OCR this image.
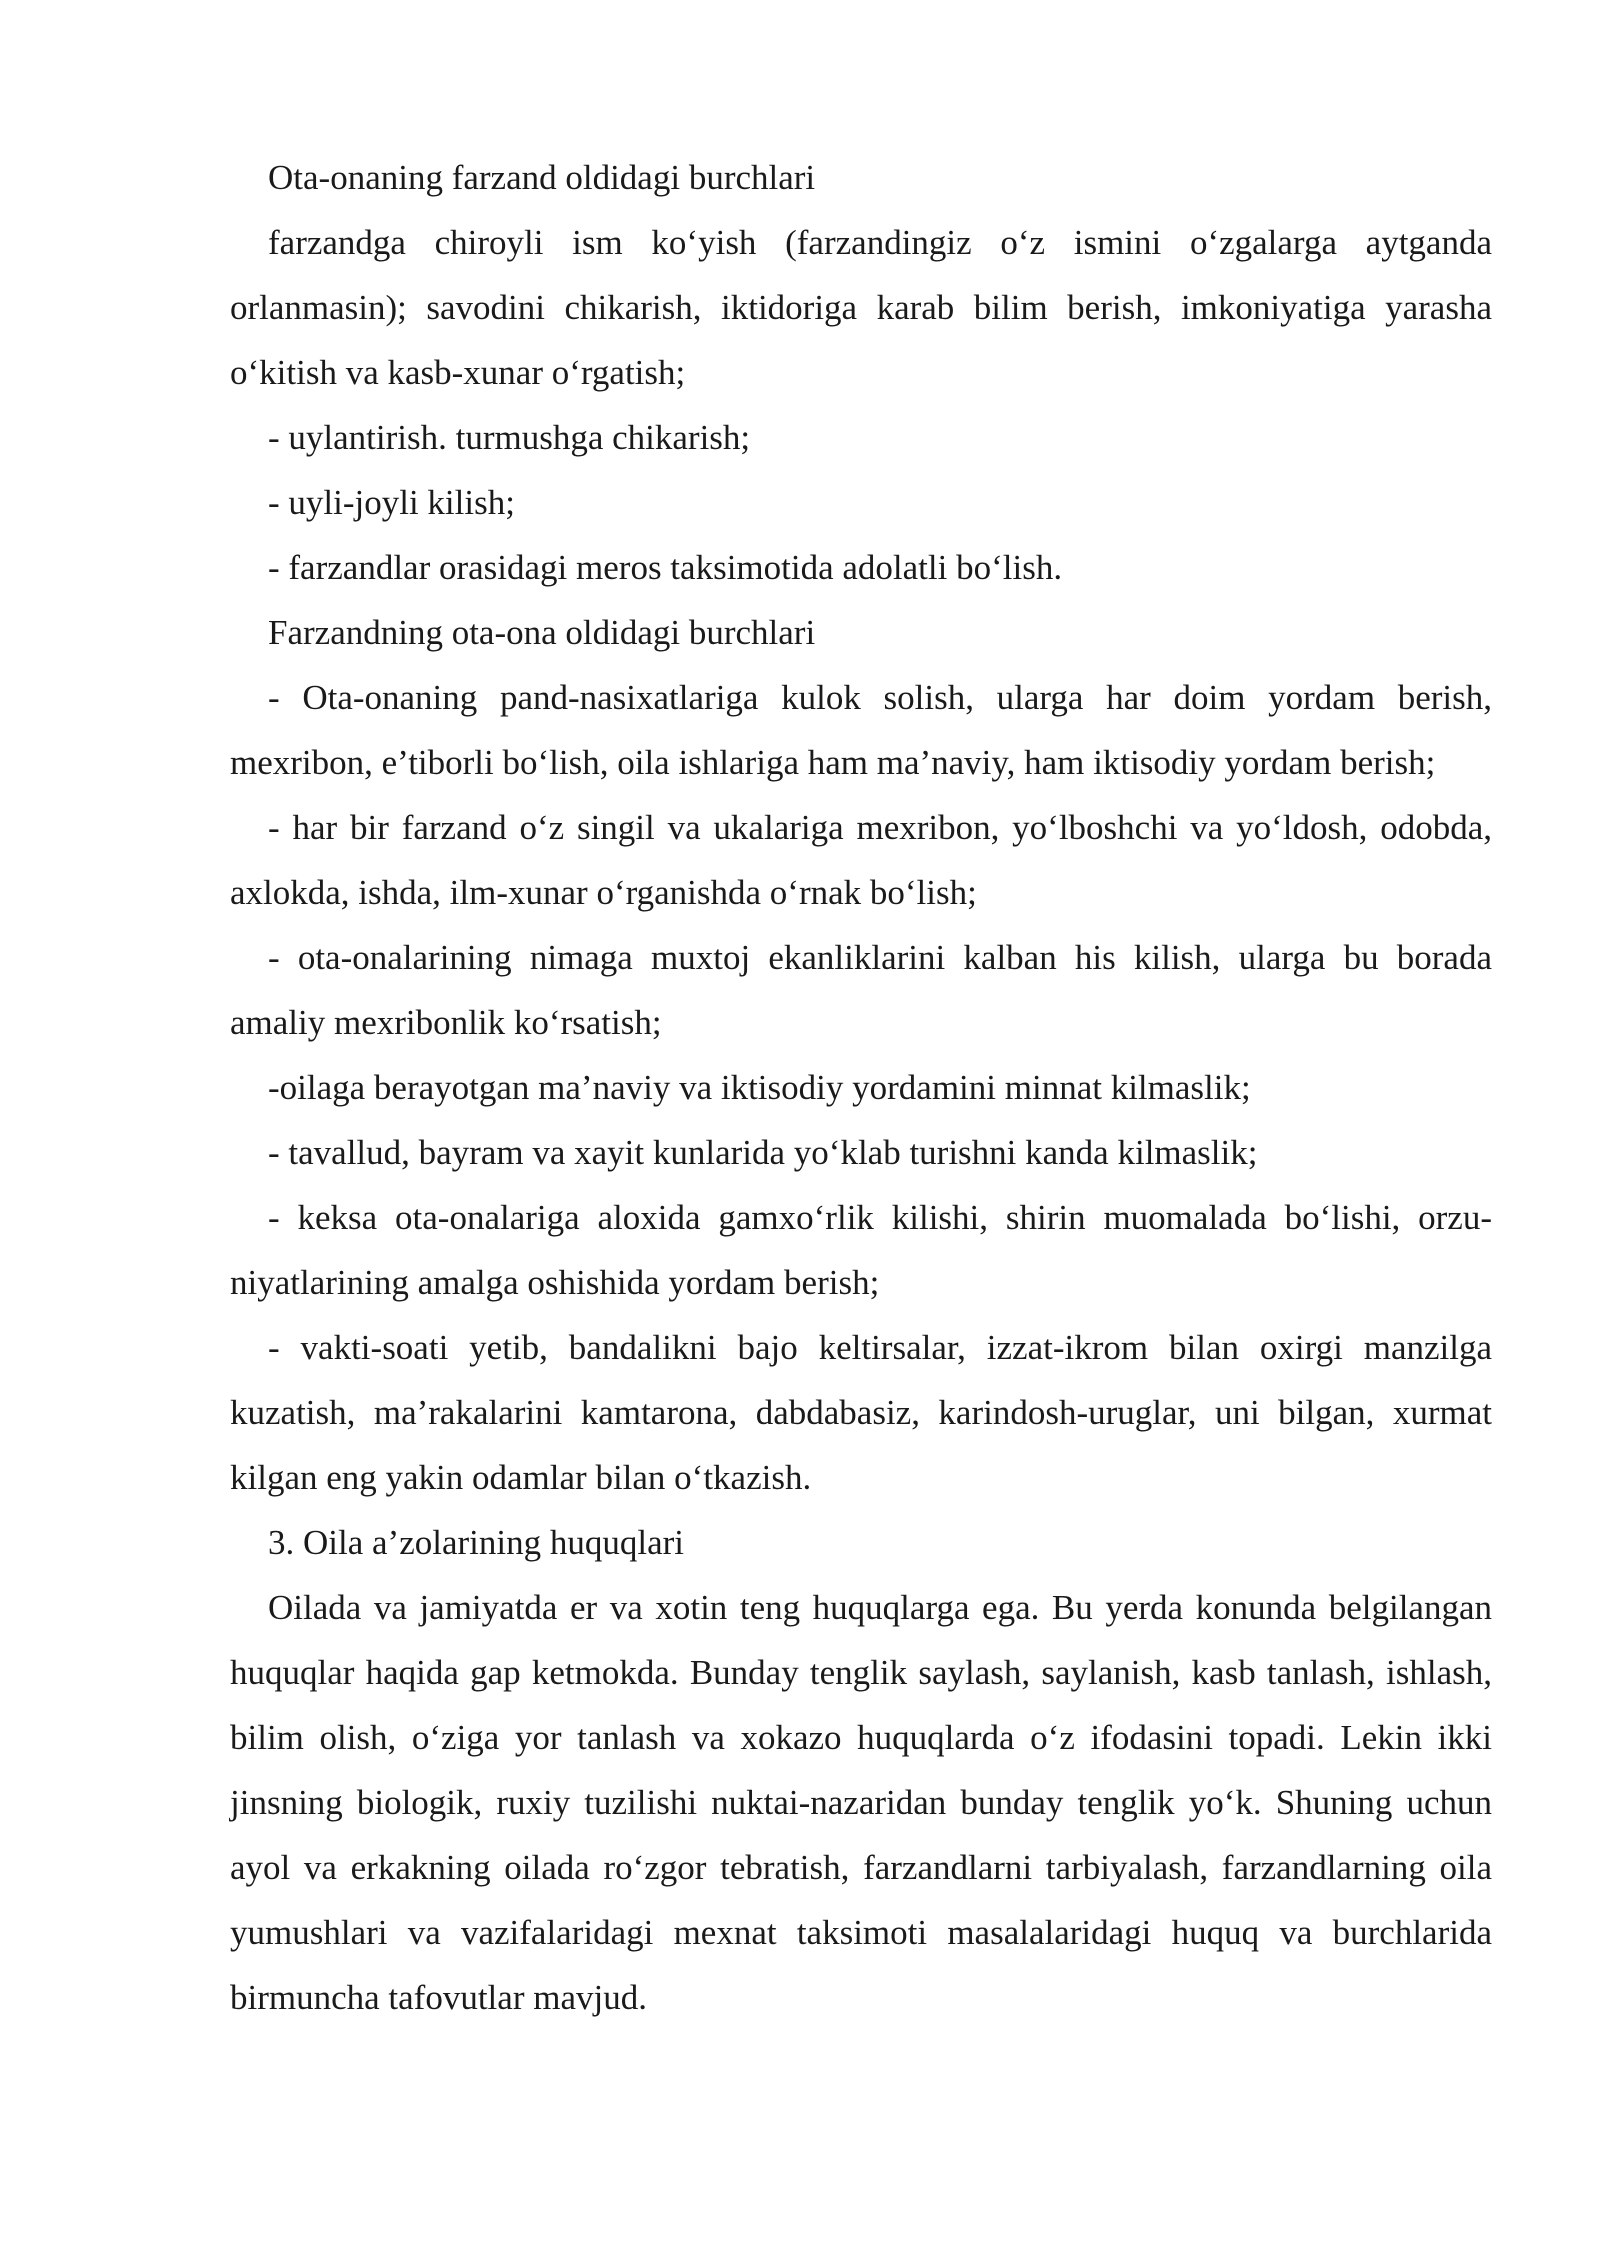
Ota-onaning farzand oldidagi burchlari

farzandga chiroyli ism ko‘yish (farzandingiz o‘z ismini o‘zgalarga aytganda orlanmasin); savodini chikarish, iktidoriga karab bilim berish, imkoniyatiga yarasha o‘kitish va kasb-xunar o‘rgatish;

- uylantirish. turmushga chikarish;

- uyli-joyli kilish;

- farzandlar orasidagi meros taksimotida adolatli bo‘lish.

Farzandning ota-ona oldidagi burchlari

- Ota-onaning pand-nasixatlariga kulok solish, ularga har doim yordam berish, mexribon, e’tiborli bo‘lish, oila ishlariga ham ma’naviy, ham iktisodiy yordam berish;

- har bir farzand o‘z singil va ukalariga mexribon, yo‘lboshchi va yo‘ldosh, odobda, axlokda, ishda, ilm-xunar o‘rganishda o‘rnak bo‘lish;

- ota-onalarining nimaga muxtoj ekanliklarini kalban his kilish, ularga bu borada amaliy mexribonlik ko‘rsatish;

-oilaga berayotgan ma’naviy va iktisodiy yordamini minnat kilmaslik;

- tavallud, bayram va xayit kunlarida yo‘klab turishni kanda kilmaslik;

- keksa ota-onalariga aloxida gamxo‘rlik kilishi, shirin muomalada bo‘lishi, orzu-niyatlarining amalga oshishida yordam berish;

- vakti-soati yetib, bandalikni bajo keltirsalar, izzat-ikrom bilan oxirgi manzilga kuzatish, ma’rakalarini kamtarona, dabdabasiz, karindosh-uruglar, uni bilgan, xurmat kilgan eng yakin odamlar bilan o‘tkazish.

3. Oila a’zolarining huquqlari

Oilada va jamiyatda er va xotin teng huquqlarga ega. Bu yerda konunda belgilangan huquqlar haqida gap ketmokda. Bunday tenglik saylash, saylanish, kasb tanlash, ishlash, bilim olish, o‘ziga yor tanlash va xokazo huquqlarda o‘z ifodasini topadi. Lekin ikki jinsning biologik, ruxiy tuzilishi nuktai-nazaridan bunday tenglik yo‘k. Shuning uchun ayol va erkakning oilada ro‘zgor tebratish, farzandlarni tarbiyalash, farzandlarning oila yumushlari va vazifalaridagi mexnat taksimoti masalalaridagi huquq va burchlarida birmuncha tafovutlar mavjud.
